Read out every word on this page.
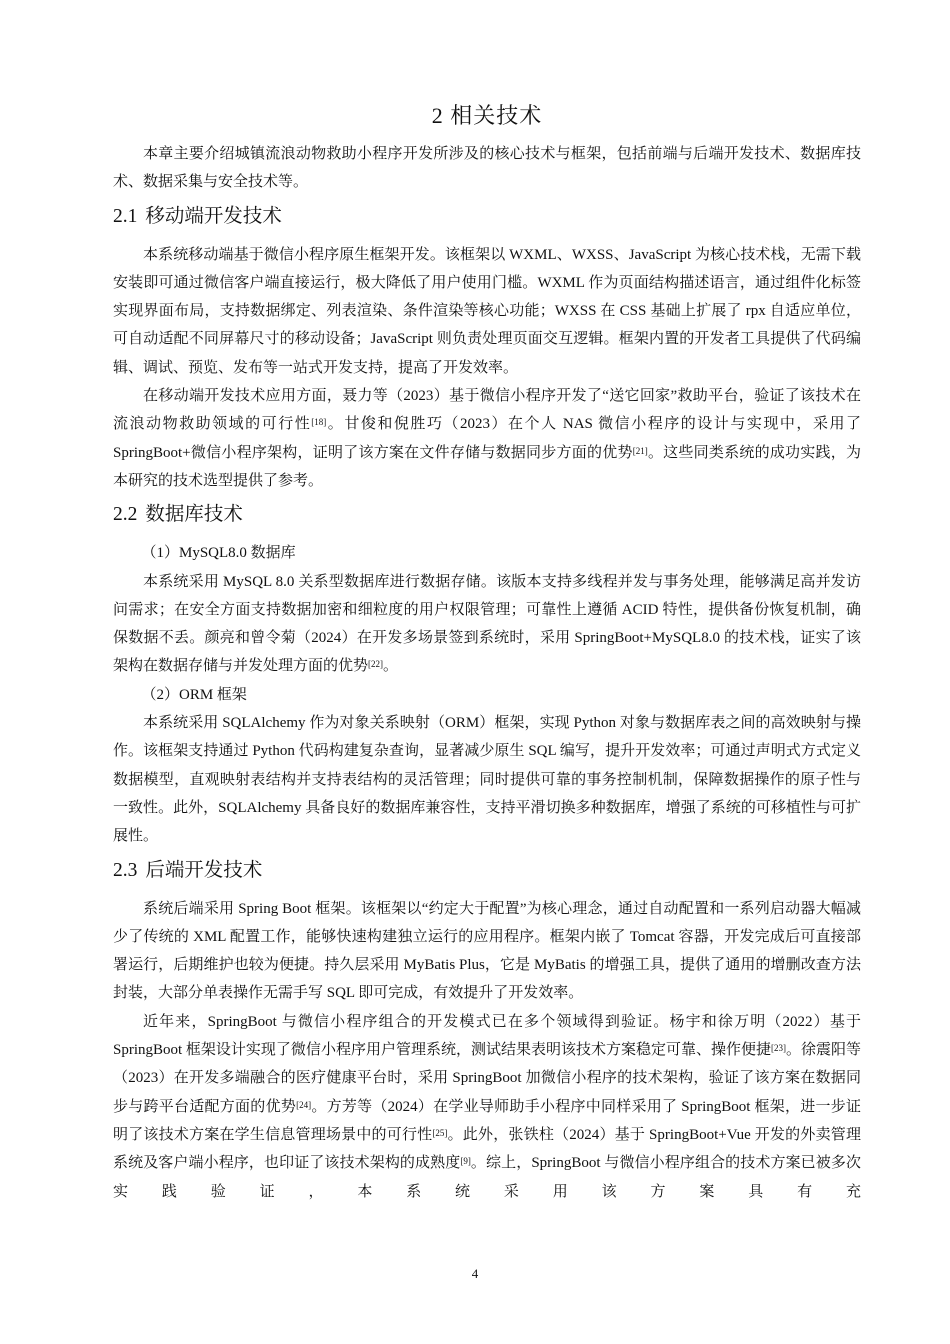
2 相关技术

本章主要介绍城镇流浪动物救助小程序开发所涉及的核心技术与框架，包括前端与后端开发技术、数据库技术、数据采集与安全技术等。

2.1 移动端开发技术

本系统移动端基于微信小程序原生框架开发。该框架以 WXML、WXSS、JavaScript 为核心技术栈，无需下载安装即可通过微信客户端直接运行，极大降低了用户使用门槛。WXML 作为页面结构描述语言，通过组件化标签实现界面布局，支持数据绑定、列表渲染、条件渲染等核心功能；WXSS 在 CSS 基础上扩展了 rpx 自适应单位，可自动适配不同屏幕尺寸的移动设备；JavaScript 则负责处理页面交互逻辑。框架内置的开发者工具提供了代码编辑、调试、预览、发布等一站式开发支持，提高了开发效率。

在移动端开发技术应用方面，聂力等（2023）基于微信小程序开发了“送它回家”救助平台，验证了该技术在流浪动物救助领域的可行性[18]。甘俊和倪胜巧（2023）在个人 NAS 微信小程序的设计与实现中，采用了 SpringBoot+微信小程序架构，证明了该方案在文件存储与数据同步方面的优势[21]。这些同类系统的成功实践，为本研究的技术选型提供了参考。

2.2 数据库技术

（1）MySQL8.0 数据库

本系统采用 MySQL 8.0 关系型数据库进行数据存储。该版本支持多线程并发与事务处理，能够满足高并发访问需求；在安全方面支持数据加密和细粒度的用户权限管理；可靠性上遵循 ACID 特性，提供备份恢复机制，确保数据不丢。颜亮和曾令菊（2024）在开发多场景签到系统时，采用 SpringBoot+MySQL8.0 的技术栈，证实了该架构在数据存储与并发处理方面的优势[22]。

（2）ORM 框架

本系统采用 SQLAlchemy 作为对象关系映射（ORM）框架，实现 Python 对象与数据库表之间的高效映射与操作。该框架支持通过 Python 代码构建复杂查询，显著减少原生 SQL 编写，提升开发效率；可通过声明式方式定义数据模型，直观映射表结构并支持表结构的灵活管理；同时提供可靠的事务控制机制，保障数据操作的原子性与一致性。此外，SQLAlchemy 具备良好的数据库兼容性，支持平滑切换多种数据库，增强了系统的可移植性与可扩展性。

2.3 后端开发技术

系统后端采用 Spring Boot 框架。该框架以“约定大于配置”为核心理念，通过自动配置和一系列启动器大幅减少了传统的 XML 配置工作，能够快速构建独立运行的应用程序。框架内嵌了 Tomcat 容器，开发完成后可直接部署运行，后期维护也较为便捷。持久层采用 MyBatis Plus，它是 MyBatis 的增强工具，提供了通用的增删改查方法封装，大部分单表操作无需手写 SQL 即可完成，有效提升了开发效率。

近年来，SpringBoot 与微信小程序组合的开发模式已在多个领域得到验证。杨宇和徐万明（2022）基于 SpringBoot 框架设计实现了微信小程序用户管理系统，测试结果表明该技术方案稳定可靠、操作便捷[23]。徐震阳等（2023）在开发多端融合的医疗健康平台时，采用 SpringBoot 加微信小程序的技术架构，验证了该方案在数据同步与跨平台适配方面的优势[24]。方芳等（2024）在学业导师助手小程序中同样采用了 SpringBoot 框架，进一步证明了该技术方案在学生信息管理场景中的可行性[25]。此外，张铁柱（2024）基于 SpringBoot+Vue 开发的外卖管理系统及客户端小程序，也印证了该技术架构的成熟度[9]。综上，SpringBoot 与微信小程序组合的技术方案已被多次实践验证，本系统采用该方案具有充

4
